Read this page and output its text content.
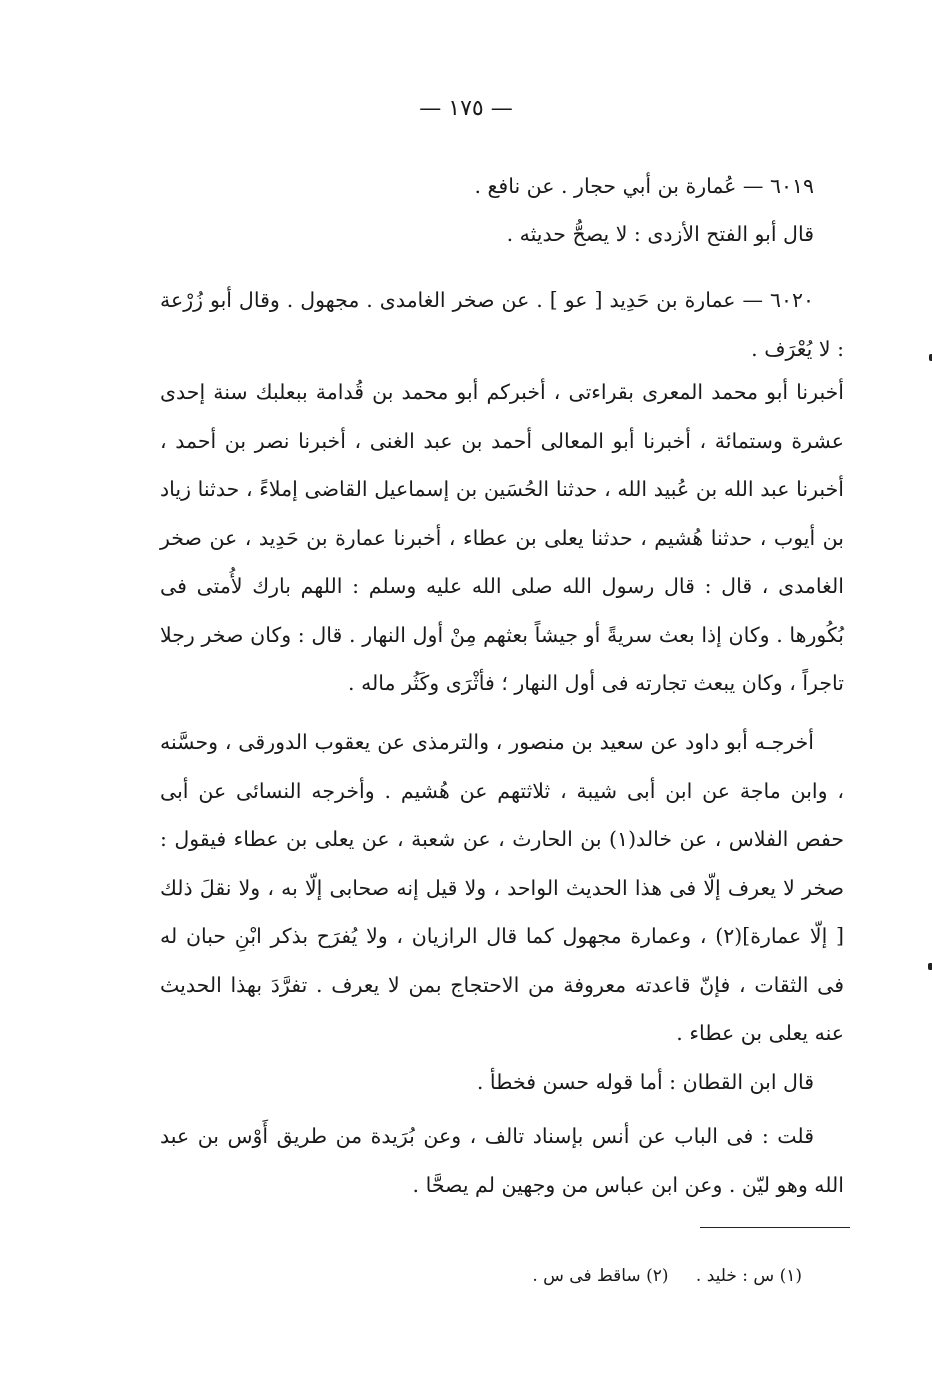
— ١٧٥ —
٦٠١٩ — عُمارة بن أبي حجار . عن نافع .
قال أبو الفتح الأزدى : لا يصحُّ حديثه .
٦٠٢٠ — عمارة بن حَدِيد [ عو ] . عن صخر الغامدى . مجهول . وقال أبو زُرْعة : لا يُعْرَف .
أخبرنا أبو محمد المعرى بقراءتى ، أخبركم أبو محمد بن قُدامة ببعلبك سنة إحدى عشرة وستمائة ، أخبرنا أبو المعالى أحمد بن عبد الغنى ، أخبرنا نصر بن أحمد ، أخبرنا عبد الله بن عُبيد الله ، حدثنا الحُسَين بن إسماعيل القاضى إملاءً ، حدثنا زياد بن أيوب ، حدثنا هُشيم ، حدثنا يعلى بن عطاء ، أخبرنا عمارة بن حَدِيد ، عن صخر الغامدى ، قال : قال رسول الله صلى الله عليه وسلم : اللهم بارك لأُمتى فى بُكُورها . وكان إذا بعث سريةً أو جيشاً بعثهم مِنْ أول النهار . قال : وكان صخر رجلا تاجراً ، وكان يبعث تجارته فى أول النهار ؛ فأثْرَى وكَثُر ماله .
أخرجـه أبو داود عن سعيد بن منصور ، والترمذى عن يعقوب الدورقى ، وحسَّنه ، وابن ماجة عن ابن أبى شيبة ، ثلاثتهم عن هُشيم . وأخرجه النسائى عن أبى حفص الفلاس ، عن خالد(١) بن الحارث ، عن شعبة ، عن يعلى بن عطاء فيقول : صخر لا يعرف إلّا فى هذا الحديث الواحد ، ولا قيل إنه صحابى إلّا به ، ولا نقلَ ذلك [ إلّا عمارة](٢) ، وعمارة مجهول كما قال الرازيان ، ولا يُفرَح بذكر ابْنِ حبان له فى الثقات ، فإنّ قاعدته معروفة من الاحتجاج بمن لا يعرف . تفرَّدَ بهذا الحديث عنه يعلى بن عطاء .
قال ابن القطان : أما قوله حسن فخطأ .
قلت : فى الباب عن أنس بإسناد تالف ، وعن بُرَيدة من طريق أَوْس بن عبد الله وهو ليّن . وعن ابن عباس من وجهين لم يصحَّا .
(١) س : خليد . (٢) ساقط فى س .
